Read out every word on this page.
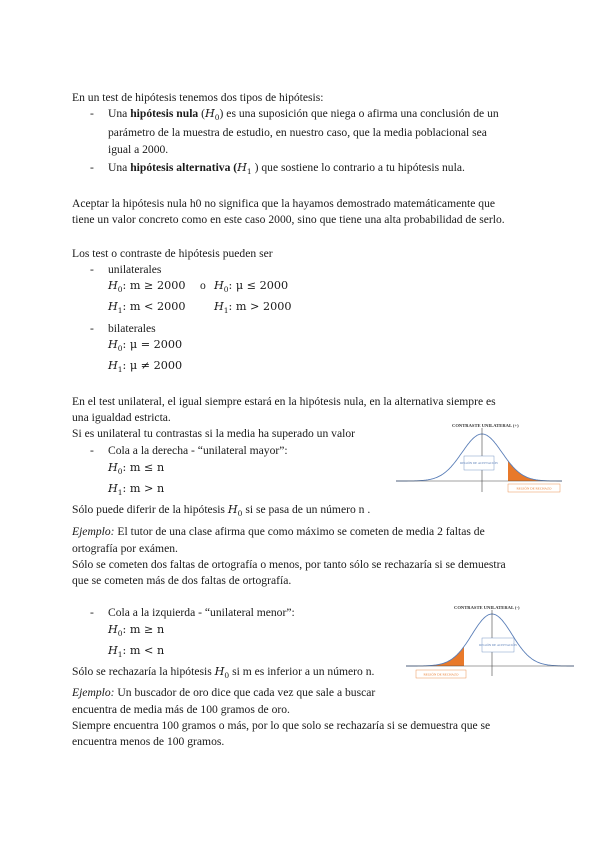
En un test de hipótesis tenemos dos tipos de hipótesis:
- Una hipótesis nula $(H_0)$ es una suposición que niega o afirma una conclusión de un
parámetro de la muestra de estudio, en nuestro caso, que la media poblacional sea
igual a 2000.
- Una hipótesis alternativa ($H_1$ ) que sostiene lo contrario a tu hipótesis nula.
Aceptar la hipótesis nula h0 no significa que la hayamos demostrado matemáticamente que
tiene un valor concreto como en este caso 2000, sino que tiene una alta probabilidad de serlo.
Los test o contraste de hipótesis pueden ser
- unilaterales
$H_0$: m ≥ 2000 o $H_0$: μ ≤ 2000
$H_1$: m < 2000	$H_1$: m > 2000
- bilaterales
$H_0$: μ = 2000
$H_1$: μ ≠ 2000
En el test unilateral, el igual siempre estará en la hipótesis nula, en la alternativa siempre es
una igualdad estricta.
Si es unilateral tu contrastas si la media ha superado un valor
- Cola a la derecha - “unilateral mayor”:
$H_0$: m ≤ n
$H_1$: m > n
Sólo puede diferir de la hipótesis $H_0$ si se pasa de un número n .
Ejemplo: El tutor de una clase afirma que como máximo se cometen de media 2 faltas de
ortografía por exámen.
Sólo se cometen dos faltas de ortografía o menos, por tanto sólo se rechazaría si se demuestra
que se cometen más de dos faltas de ortografía.
- Cola a la izquierda - “unilateral menor”:
$H_0$: m ≥ n
$H_1$: m < n
Sólo se rechazaría la hipótesis $H_0$ si m es inferior a un número n.
Ejemplo: Un buscador de oro dice que cada vez que sale a buscar
encuentra de media más de 100 gramos de oro.
Siempre encuentra 100 gramos o más, por lo que solo se rechazaría si se demuestra que se
encuentra menos de 100 gramos.
CONTRASTE UNILATERAL (+)
REGIÓN DE ACEPTACIÓN
REGIÓN DE RECHAZO
CONTRASTE UNILATERAL (-)
REGIÓN DE ACEPTACIÓN
REGIÓN DE RECHAZO
